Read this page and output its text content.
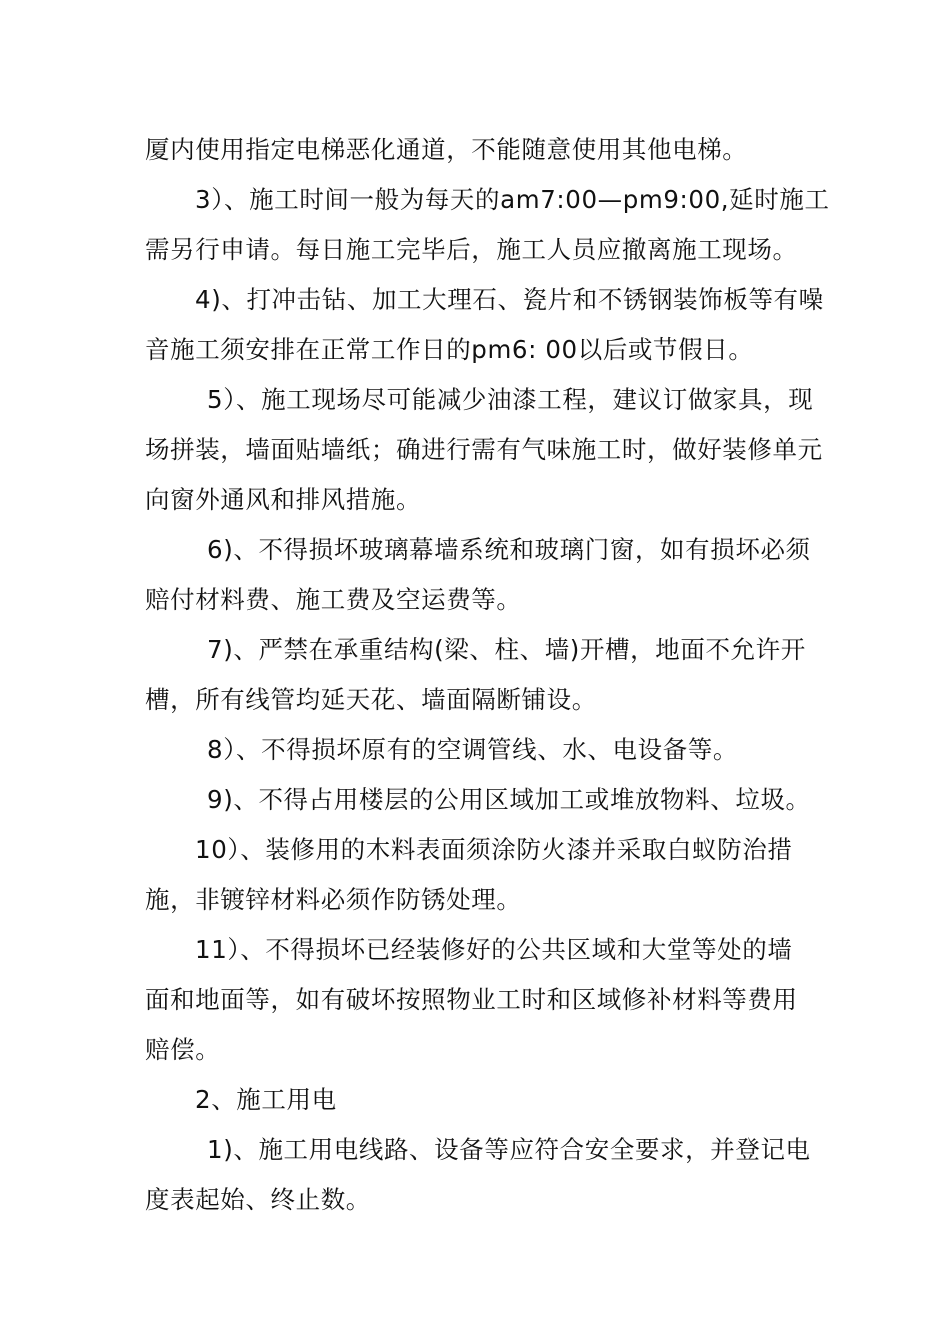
厦内使用指定电梯恶化通道，不能随意使用其他电梯。
3）、施工时间一般为每天的am7:00—pm9:00,延时施工
需另行申请。每日施工完毕后，施工人员应撤离施工现场。
4)、打冲击钻、加工大理石、瓷片和不锈钢装饰板等有噪
音施工须安排在正常工作日的pm6: 00以后或节假日。
5）、施工现场尽可能减少油漆工程，建议订做家具，现
场拼装，墙面贴墙纸；确进行需有气味施工时，做好装修单元
向窗外通风和排风措施。
6)、不得损坏玻璃幕墙系统和玻璃门窗，如有损坏必须
赔付材料费、施工费及空运费等。
7)、严禁在承重结构(梁、柱、墙)开槽，地面不允许开
槽，所有线管均延天花、墙面隔断铺设。
8）、不得损坏原有的空调管线、水、电设备等。
9)、不得占用楼层的公用区域加工或堆放物料、垃圾。
10）、装修用的木料表面须涂防火漆并采取白蚁防治措
施，非镀锌材料必须作防锈处理。
11）、不得损坏已经装修好的公共区域和大堂等处的墙
面和地面等，如有破坏按照物业工时和区域修补材料等费用
赔偿。
2、施工用电
1)、施工用电线路、设备等应符合安全要求，并登记电
度表起始、终止数。
